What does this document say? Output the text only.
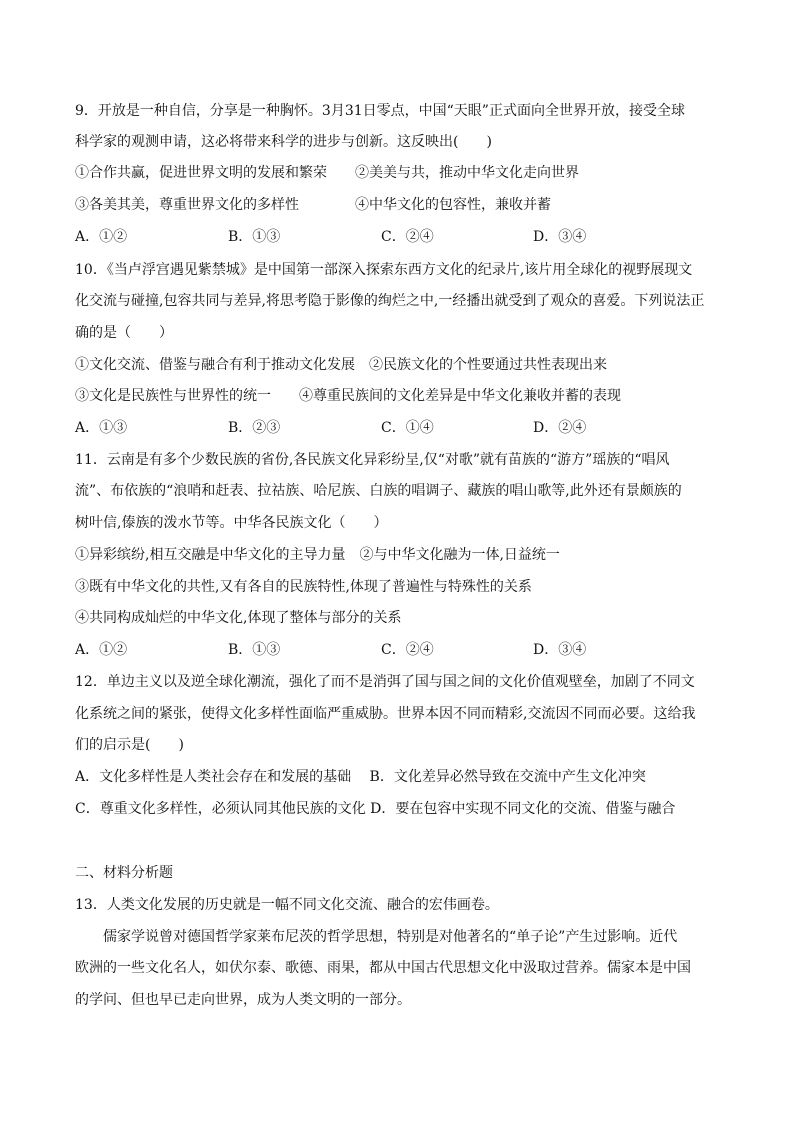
9．开放是一种自信，分享是一种胸怀。3月31日零点，中国“天眼”正式面向全世界开放，接受全球
科学家的观测申请，这必将带来科学的进步与创新。这反映出(　　)
①合作共赢，促进世界文明的发展和繁荣　　②美美与共，推动中华文化走向世界
③各美其美，尊重世界文化的多样性　　　　④中华文化的包容性，兼收并蓄
A．①②	B．①③	C．②④	D．③④
10．《当卢浮宫遇见紫禁城》是中国第一部深入探索东西方文化的纪录片,该片用全球化的视野展现文
化交流与碰撞,包容共同与差异,将思考隐于影像的绚烂之中,一经播出就受到了观众的喜爱。下列说法正
确的是（　　）
①文化交流、借鉴与融合有利于推动文化发展　②民族文化的个性要通过共性表现出来
③文化是民族性与世界性的统一　　④尊重民族间的文化差异是中华文化兼收并蓄的表现
A．①③	B．②③	C．①④	D．②④
11．云南是有多个少数民族的省份,各民族文化异彩纷呈,仅“对歌”就有苗族的“游方”瑶族的“唱风
流”、布依族的“浪哨和赶表、拉祜族、哈尼族、白族的唱调子、藏族的唱山歌等,此外还有景颇族的
树叶信,傣族的泼水节等。中华各民族文化（　　）
①异彩缤纷,相互交融是中华文化的主导力量　②与中华文化融为一体,日益统一
③既有中华文化的共性,又有各自的民族特性,体现了普遍性与特殊性的关系
④共同构成灿烂的中华文化,体现了整体与部分的关系
A．①②	B．①③	C．②④	D．③④
12．单边主义以及逆全球化潮流，强化了而不是消弭了国与国之间的文化价值观壁垒，加剧了不同文
化系统之间的紧张，使得文化多样性面临严重威胁。世界本因不同而精彩,交流因不同而必要。这给我
们的启示是(　　)
A．文化多样性是人类社会存在和发展的基础　 B．文化差异必然导致在交流中产生文化冲突
C．尊重文化多样性，必须认同其他民族的文化 D．要在包容中实现不同文化的交流、借鉴与融合
二、材料分析题
13．人类文化发展的历史就是一幅不同文化交流、融合的宏伟画卷。
儒家学说曾对德国哲学家莱布尼茨的哲学思想，特别是对他著名的“单子论”产生过影响。近代
欧洲的一些文化名人，如伏尔泰、歌德、雨果，都从中国古代思想文化中汲取过营养。儒家本是中国
的学问、但也早已走向世界，成为人类文明的一部分。
